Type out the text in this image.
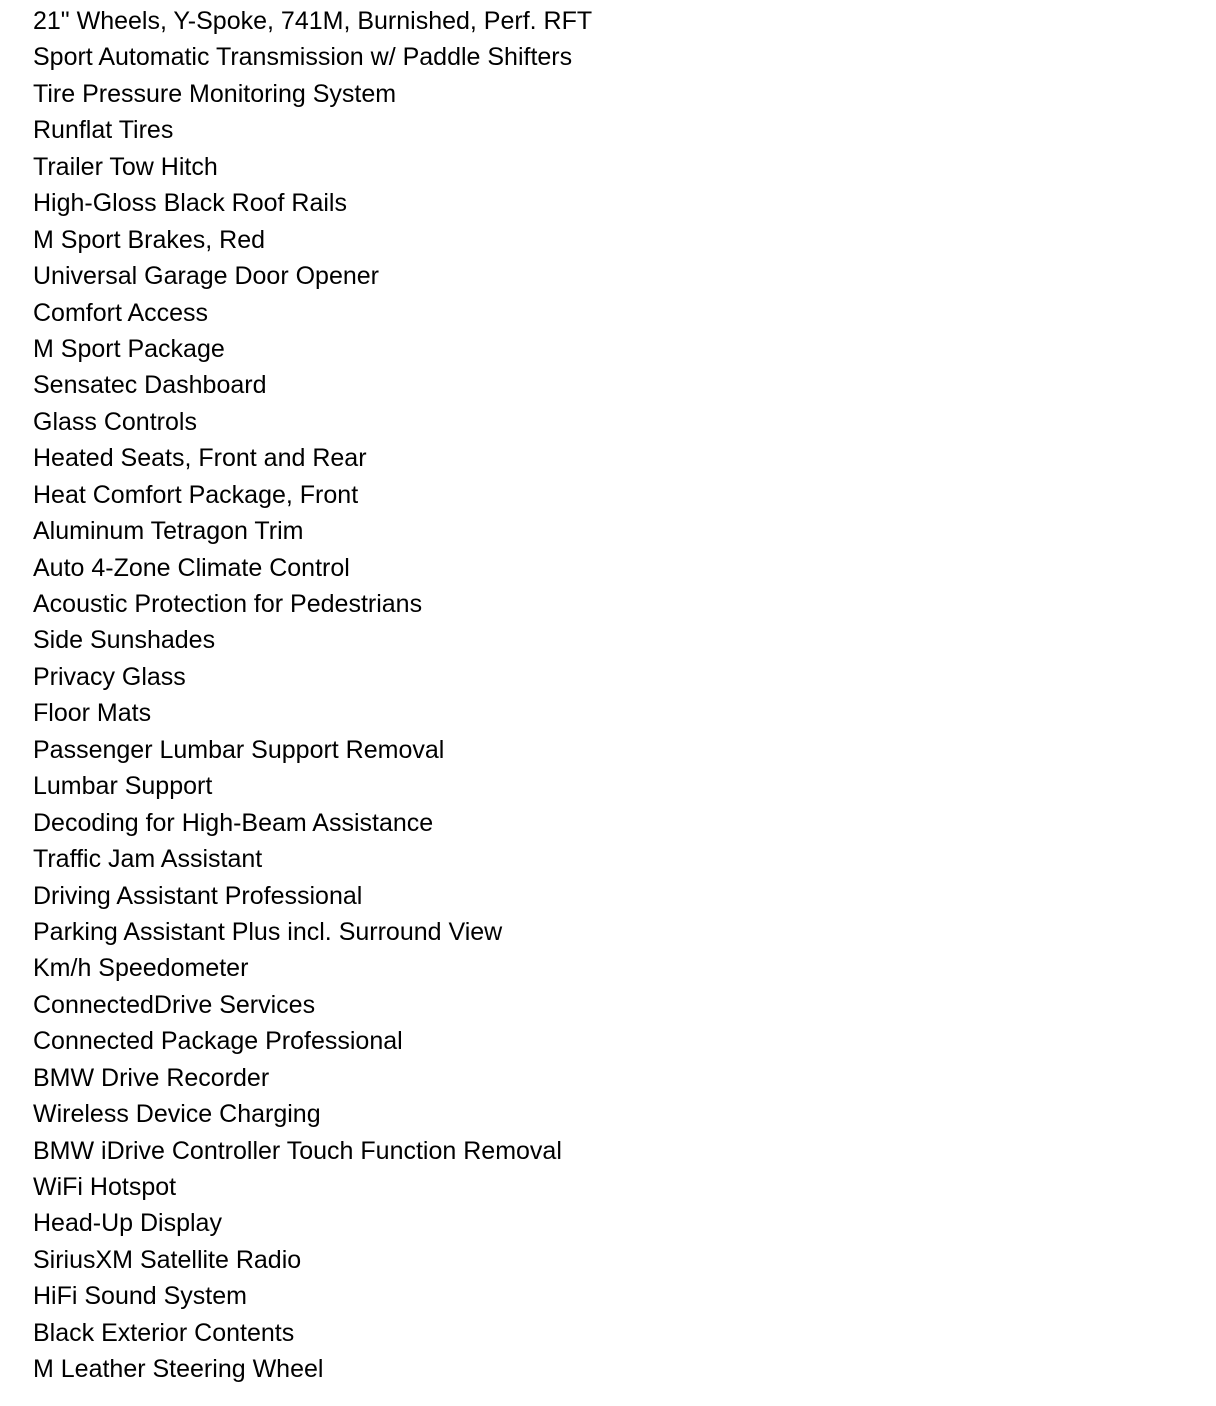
21" Wheels, Y-Spoke, 741M, Burnished, Perf. RFT
Sport Automatic Transmission w/ Paddle Shifters
Tire Pressure Monitoring System
Runflat Tires
Trailer Tow Hitch
High-Gloss Black Roof Rails
M Sport Brakes, Red
Universal Garage Door Opener
Comfort Access
M Sport Package
Sensatec Dashboard
Glass Controls
Heated Seats, Front and Rear
Heat Comfort Package, Front
Aluminum Tetragon Trim
Auto 4-Zone Climate Control
Acoustic Protection for Pedestrians
Side Sunshades
Privacy Glass
Floor Mats
Passenger Lumbar Support Removal
Lumbar Support
Decoding for High-Beam Assistance
Traffic Jam Assistant
Driving Assistant Professional
Parking Assistant Plus incl. Surround View
Km/h Speedometer
ConnectedDrive Services
Connected Package Professional
BMW Drive Recorder
Wireless Device Charging
BMW iDrive Controller Touch Function Removal
WiFi Hotspot
Head-Up Display
SiriusXM Satellite Radio
HiFi Sound System
Black Exterior Contents
M Leather Steering Wheel
